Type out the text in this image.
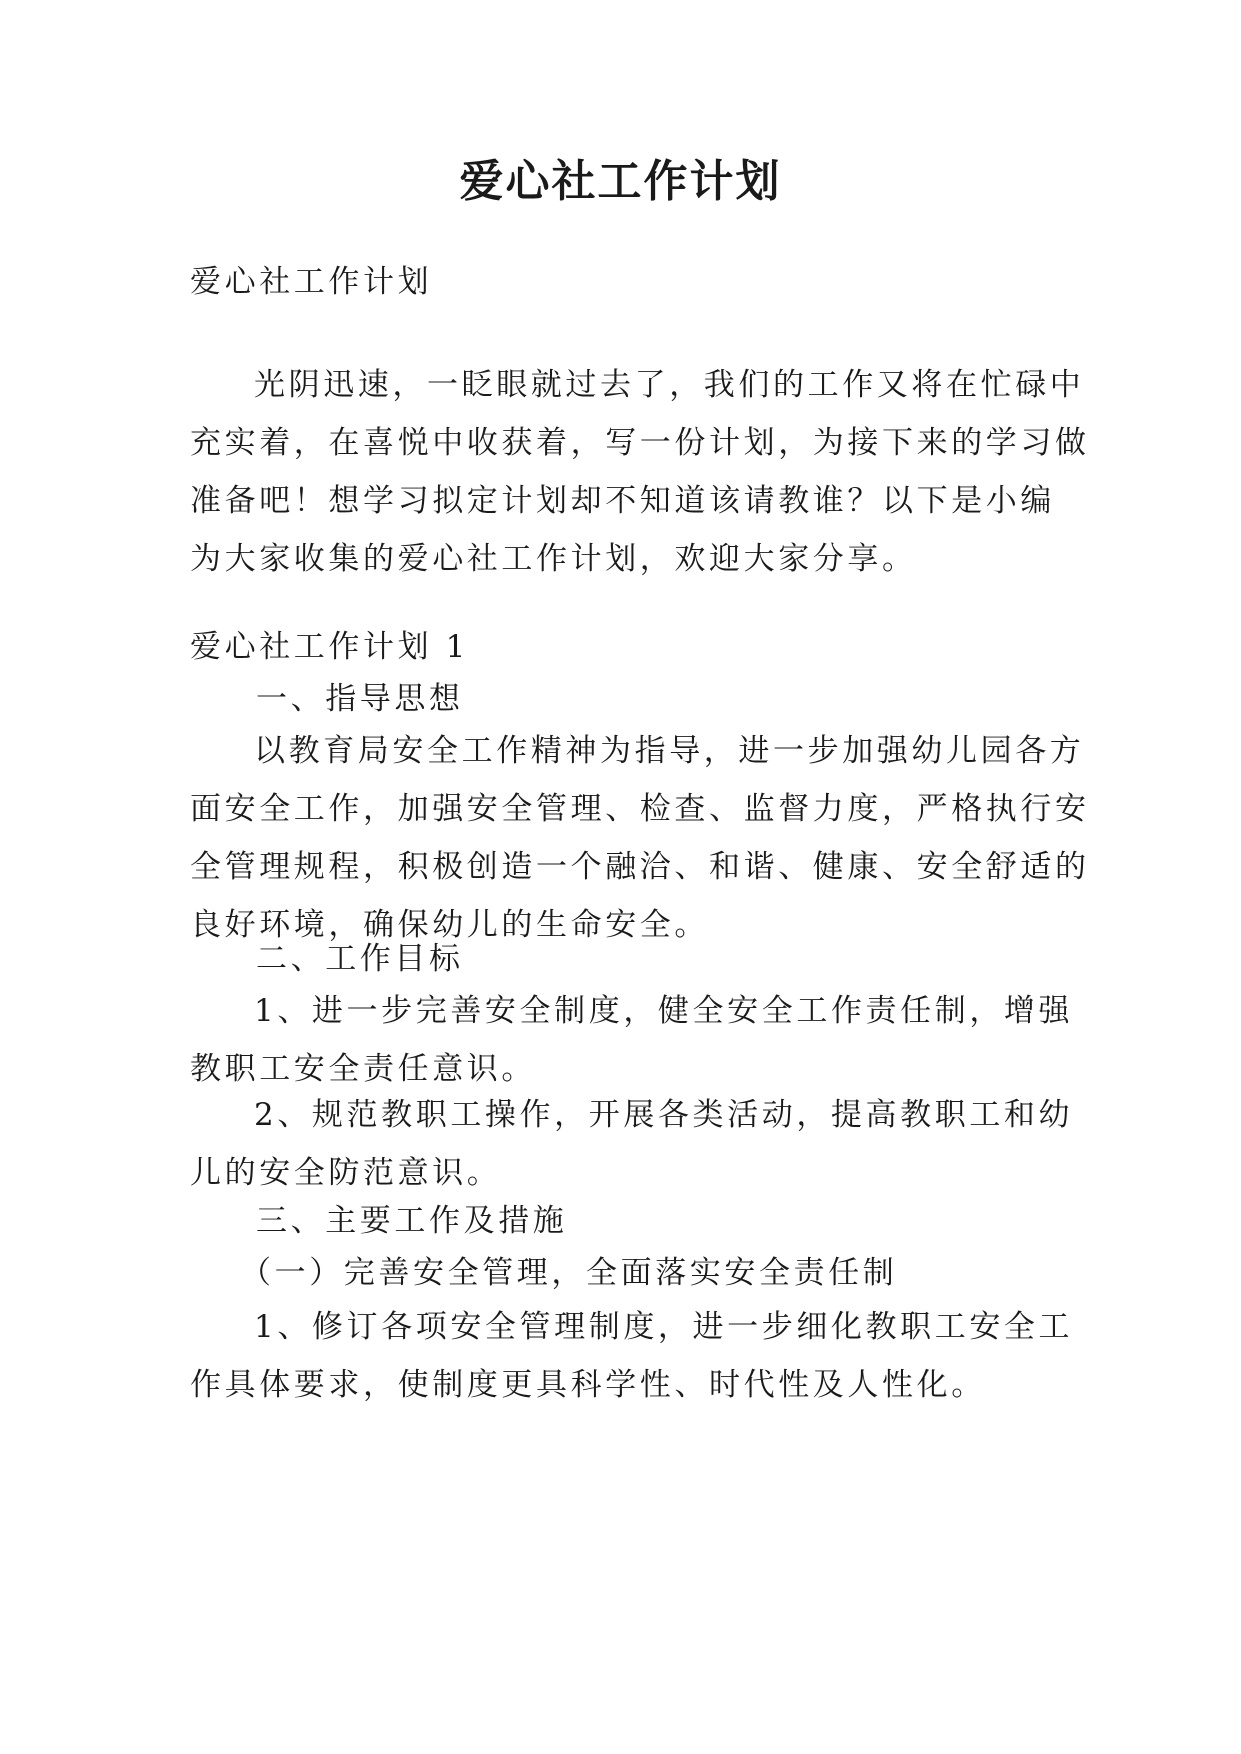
爱心社工作计划
爱心社工作计划
光阴迅速，一眨眼就过去了，我们的工作又将在忙碌中
充实着，在喜悦中收获着，写一份计划，为接下来的学习做
准备吧！想学习拟定计划却不知道该请教谁？以下是小编
为大家收集的爱心社工作计划，欢迎大家分享。
爱心社工作计划 1
一、指导思想
以教育局安全工作精神为指导，进一步加强幼儿园各方
面安全工作，加强安全管理、检查、监督力度，严格执行安
全管理规程，积极创造一个融洽、和谐、健康、安全舒适的
良好环境，确保幼儿的生命安全。
二、工作目标
1、进一步完善安全制度，健全安全工作责任制，增强
教职工安全责任意识。
2、规范教职工操作，开展各类活动，提高教职工和幼
儿的安全防范意识。
三、主要工作及措施
（一）完善安全管理，全面落实安全责任制
1、修订各项安全管理制度，进一步细化教职工安全工
作具体要求，使制度更具科学性、时代性及人性化。
